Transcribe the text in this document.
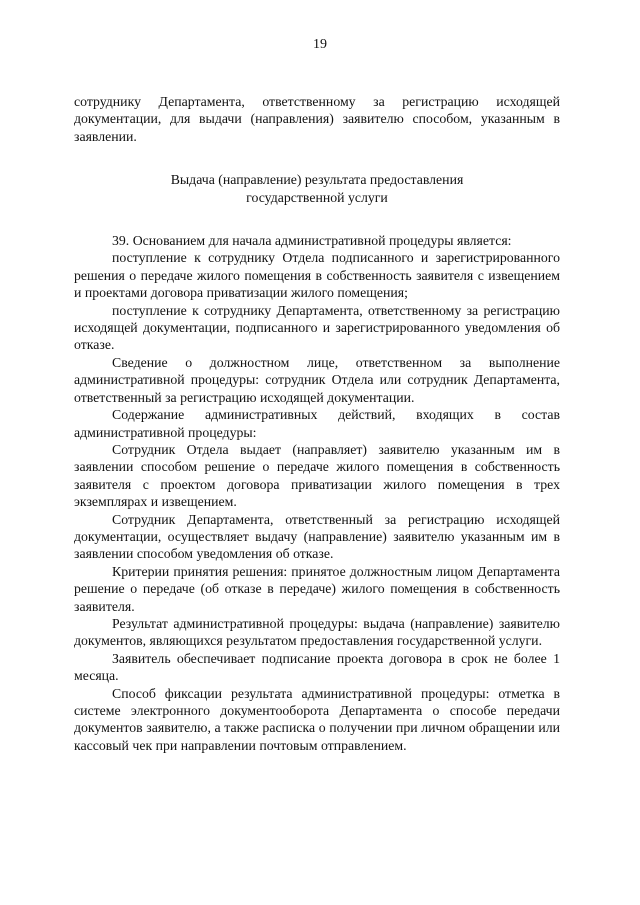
19

сотруднику Департамента, ответственному за регистрацию исходящей документации, для выдачи (направления) заявителю способом, указанным в заявлении.

Выдача (направление) результата предоставления
государственной услуги

39. Основанием для начала административной процедуры является:

поступление к сотруднику Отдела подписанного и зарегистрированного решения о передаче жилого помещения в собственность заявителя с извещением и проектами договора приватизации жилого помещения;

поступление к сотруднику Департамента, ответственному за регистрацию исходящей документации, подписанного и зарегистрированного уведомления об отказе.

Сведение о должностном лице, ответственном за выполнение административной процедуры: сотрудник Отдела или сотрудник Департамента, ответственный за регистрацию исходящей документации.

Содержание административных действий, входящих в состав административной процедуры:

Сотрудник Отдела выдает (направляет) заявителю указанным им в заявлении способом решение о передаче жилого помещения в собственность заявителя с проектом договора приватизации жилого помещения в трех экземплярах и извещением.

Сотрудник Департамента, ответственный за регистрацию исходящей документации, осуществляет выдачу (направление) заявителю указанным им в заявлении способом уведомления об отказе.

Критерии принятия решения: принятое должностным лицом Департамента решение о передаче (об отказе в передаче) жилого помещения в собственность заявителя.

Результат административной процедуры: выдача (направление) заявителю документов, являющихся результатом предоставления государственной услуги.

Заявитель обеспечивает подписание проекта договора в срок не более 1 месяца.

Способ фиксации результата административной процедуры: отметка в системе электронного документооборота Департамента о способе передачи документов заявителю, а также расписка о получении при личном обращении или кассовый чек при направлении почтовым отправлением.
